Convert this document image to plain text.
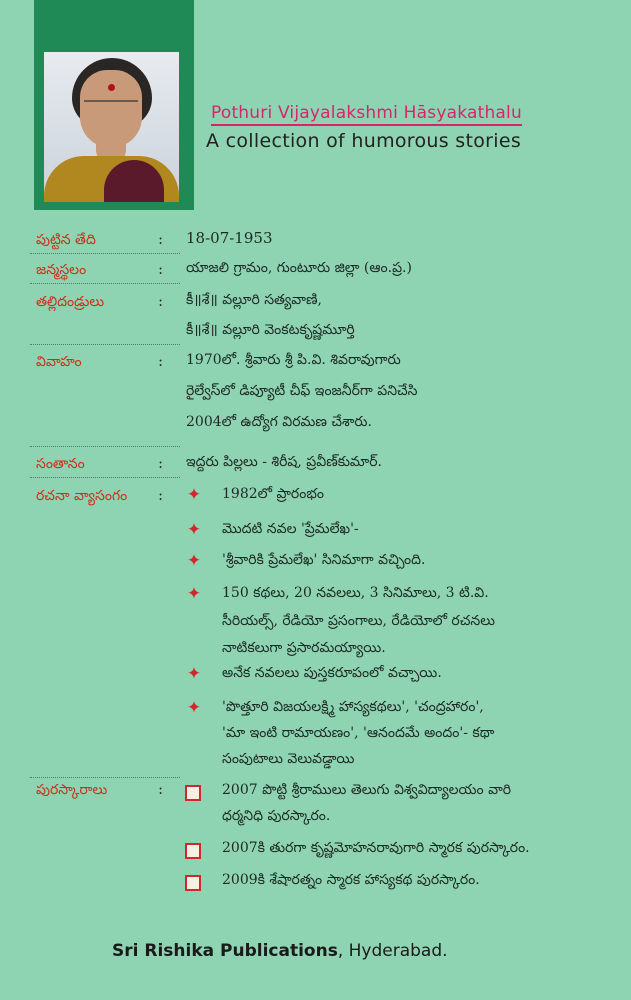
Pothuri Vijayalakshmi Hāsyakathalu
A collection of humorous stories
పుట్టిన తేది	: 18-07-1953
జన్మస్థలం	: యాజలి గ్రామం, గుంటూరు జిల్లా (ఆం.ప్ర.)
తల్లిదండ్రులు	: కీ॥శే॥ వల్లూరి సత్యవాణి,
కీ॥శే॥ వల్లూరి వెంకటకృష్ణమూర్తి
వివాహం	: 1970లో. శ్రీవారు శ్రీ పి.వి. శివరావుగారు
రైల్వేస్‌లో డిప్యూటీ చీఫ్ ఇంజనీర్‌గా పనిచేసి
2004లో ఉద్యోగ విరమణ చేశారు.
సంతానం	: ఇద్దరు పిల్లలు - శిరీష, ప్రవీణ్‌కుమార్.
రచనా వ్యాసంగం : ✦ 1982లో ప్రారంభం
✦ మొదటి నవల 'ప్రేమలేఖ'-
✦ 'శ్రీవారికి ప్రేమలేఖ' సినిమాగా వచ్చింది.
✦ 150 కథలు, 20 నవలలు, 3 సినిమాలు, 3 టి.వి.
సీరియల్స్, రేడియో ప్రసంగాలు, రేడియోలో రచనలు
నాటికలుగా ప్రసారమయ్యాయి.
✦ అనేక నవలలు పుస్తకరూపంలో వచ్చాయి.
✦ 'పొత్తూరి విజయలక్ష్మి హాస్యకథలు', 'చంద్రహారం',
'మా ఇంటి రామాయణం', 'ఆనందమే అందం'- కథా
సంపుటాలు వెలువడ్డాయి
పురస్కారాలు	:	2007 పొట్టి శ్రీరాములు తెలుగు విశ్వవిద్యాలయం వారి
ధర్మనిధి పురస్కారం.
2007కి తురగా కృష్ణమోహనరావుగారి స్మారక పురస్కారం.
2009కి శేషారత్నం స్మారక హాస్యకథ పురస్కారం.
Sri Rishika Publications, Hyderabad.
